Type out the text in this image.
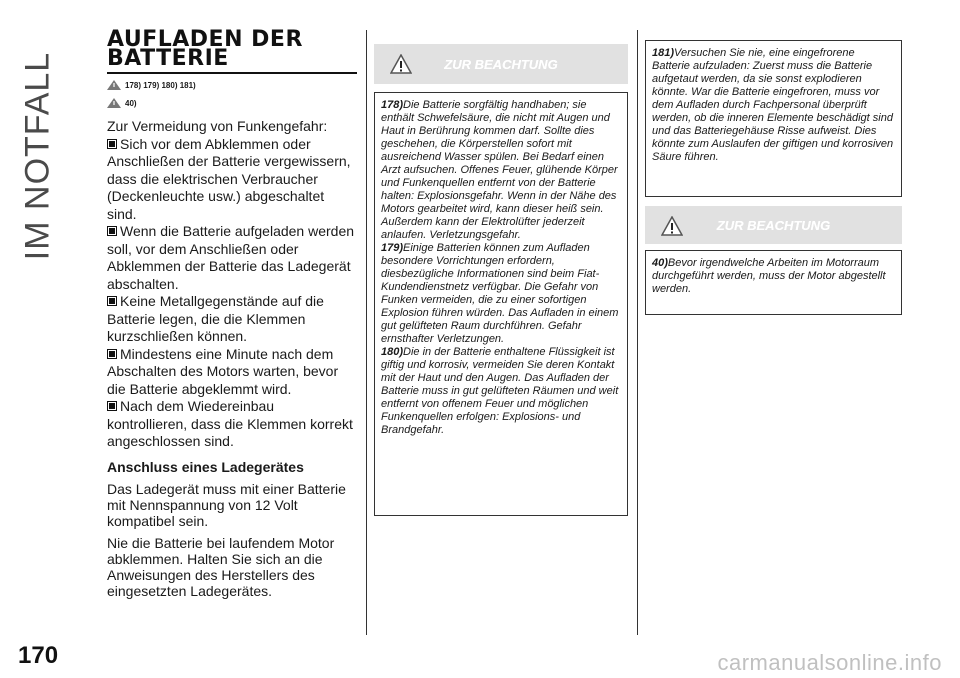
IM NOTFALL
AUFLADEN DER
BATTERIE
178) 179) 180) 181)
40)

Zur Vermeidung von Funkengefahr:

Sich vor dem Abklemmen oder Anschließen der Batterie vergewissern, dass die elektrischen Verbraucher (Deckenleuchte usw.) abgeschaltet sind.

Wenn die Batterie aufgeladen werden soll, vor dem Anschließen oder Abklemmen der Batterie das Ladegerät abschalten.

Keine Metallgegenstände auf die Batterie legen, die die Klemmen kurzschließen können.

Mindestens eine Minute nach dem Abschalten des Motors warten, bevor die Batterie abgeklemmt wird.

Nach dem Wiedereinbau kontrollieren, dass die Klemmen korrekt angeschlossen sind.

Anschluss eines Ladegerätes

Das Ladegerät muss mit einer Batterie mit Nennspannung von 12 Volt kompatibel sein.

Nie die Batterie bei laufendem Motor abklemmen. Halten Sie sich an die Anweisungen des Herstellers des eingesetzten Ladegerätes.

ZUR BEACHTUNG

178)Die Batterie sorgfältig handhaben; sie enthält Schwefelsäure, die nicht mit Augen und Haut in Berührung kommen darf. Sollte dies geschehen, die Körperstellen sofort mit ausreichend Wasser spülen. Bei Bedarf einen Arzt aufsuchen. Offenes Feuer, glühende Körper und Funkenquellen entfernt von der Batterie halten: Explosionsgefahr. Wenn in der Nähe des Motors gearbeitet wird, kann dieser heiß sein. Außerdem kann der Elektrolüfter jederzeit anlaufen. Verletzungsgefahr.

179)Einige Batterien können zum Aufladen besondere Vorrichtungen erfordern, diesbezügliche Informationen sind beim Fiat-Kundendienstnetz verfügbar. Die Gefahr von Funken vermeiden, die zu einer sofortigen Explosion führen würden. Das Aufladen in einem gut gelüfteten Raum durchführen. Gefahr ernsthafter Verletzungen.

180)Die in der Batterie enthaltene Flüssigkeit ist giftig und korrosiv, vermeiden Sie deren Kontakt mit der Haut und den Augen. Das Aufladen der Batterie muss in gut gelüfteten Räumen und weit entfernt von offenem Feuer und möglichen Funkenquellen erfolgen: Explosions- und Brandgefahr.

181)Versuchen Sie nie, eine eingefrorene Batterie aufzuladen: Zuerst muss die Batterie aufgetaut werden, da sie sonst explodieren könnte. War die Batterie eingefroren, muss vor dem Aufladen durch Fachpersonal überprüft werden, ob die inneren Elemente beschädigt sind und das Batteriegehäuse Risse aufweist. Dies könnte zum Auslaufen der giftigen und korrosiven Säure führen.

ZUR BEACHTUNG

40)Bevor irgendwelche Arbeiten im Motorraum durchgeführt werden, muss der Motor abgestellt werden.

170	carmanualsonline.info
